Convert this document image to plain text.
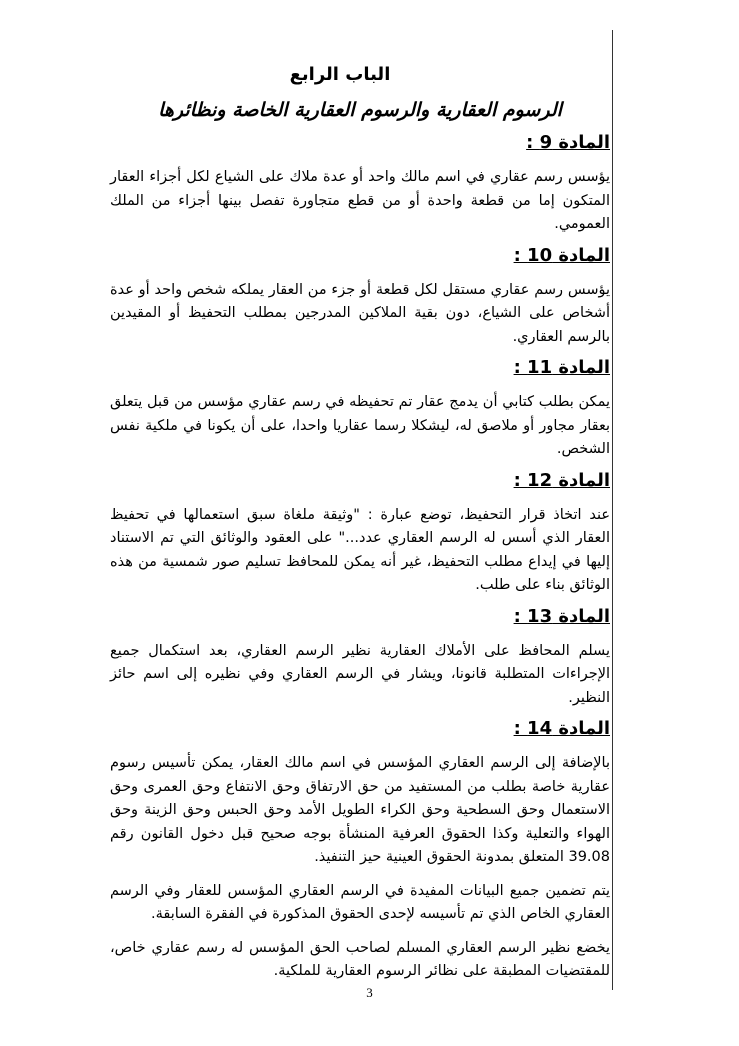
الباب الرابع
الرسوم العقارية والرسوم العقارية الخاصة ونظائرها
المادة 9 :

يؤسس رسم عقاري في اسم مالك واحد أو عدة ملاك على الشياع لكل أجزاء العقار المتكون إما من قطعة واحدة أو من قطع متجاورة تفصل بينها أجزاء من الملك العمومي.

المادة 10 :

يؤسس رسم عقاري مستقل لكل قطعة أو جزء من العقار يملكه شخص واحد أو عدة أشخاص على الشياع، دون بقية الملاكين المدرجين بمطلب التحفيظ أو المقيدين بالرسم العقاري.

المادة 11 :

يمكن بطلب كتابي أن يدمج عقار تم تحفيظه في رسم عقاري مؤسس من قبل يتعلق بعقار مجاور أو ملاصق له، ليشكلا رسما عقاريا واحدا، على أن يكونا في ملكية نفس الشخص.

المادة 12 :

عند اتخاذ قرار التحفيظ، توضع عبارة : "وثيقة ملغاة سبق استعمالها في تحفيظ العقار الذي أسس له الرسم العقاري عدد..." على العقود والوثائق التي تم الاستناد إليها في إيداع مطلب التحفيظ، غير أنه يمكن للمحافظ تسليم صور شمسية من هذه الوثائق بناء على طلب.

المادة 13 :

يسلم المحافظ على الأملاك العقارية نظير الرسم العقاري، بعد استكمال جميع الإجراءات المتطلبة قانونا، ويشار في الرسم العقاري وفي نظيره إلى اسم حائز النظير.

المادة 14 :

بالإضافة إلى الرسم العقاري المؤسس في اسم مالك العقار، يمكن تأسيس رسوم عقارية خاصة بطلب من المستفيد من حق الارتفاق وحق الانتفاع وحق العمرى وحق الاستعمال وحق السطحية وحق الكراء الطويل الأمد وحق الحبس وحق الزينة وحق الهواء والتعلية وكذا الحقوق العرفية المنشأة بوجه صحيح قبل دخول القانون رقم 39.08 المتعلق بمدونة الحقوق العينية حيز التنفيذ.

يتم تضمين جميع البيانات المفيدة في الرسم العقاري المؤسس للعقار وفي الرسم العقاري الخاص الذي تم تأسيسه لإحدى الحقوق المذكورة في الفقرة السابقة.

يخضع نظير الرسم العقاري المسلم لصاحب الحق المؤسس له رسم عقاري خاص، للمقتضيات المطبقة على نظائر الرسوم العقارية للملكية.

3
